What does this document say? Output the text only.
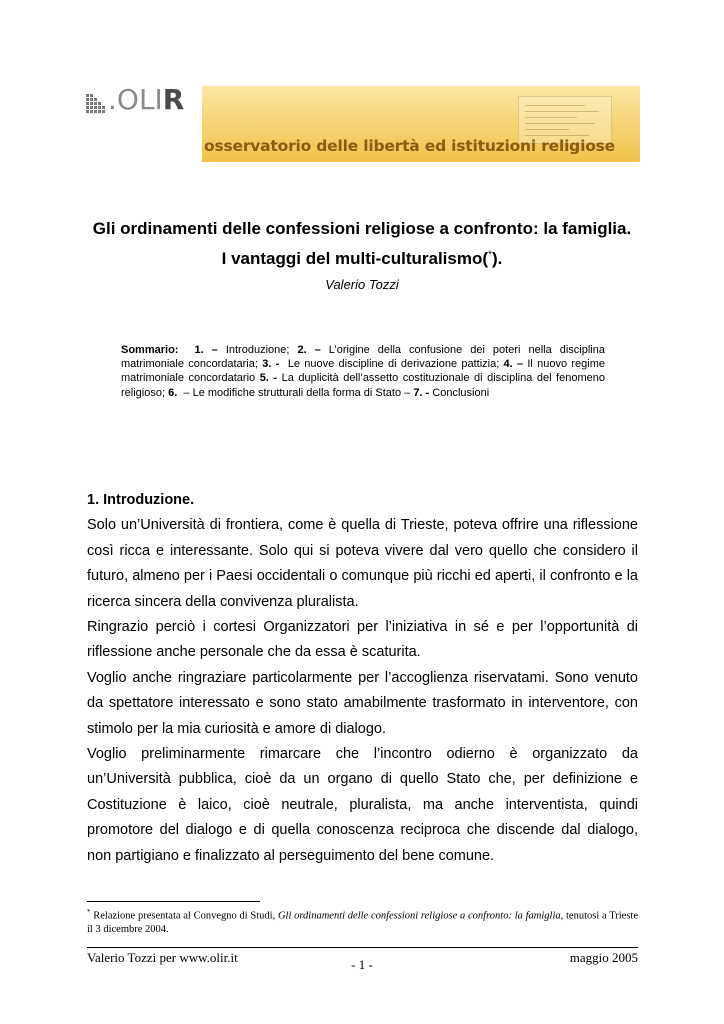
.OLIR
osservatorio delle libertà ed istituzioni religiose
Gli ordinamenti delle confessioni religiose a confronto: la famiglia.
I vantaggi del multi-culturalismo(*).
Valerio Tozzi
Sommario: 1. – Introduzione; 2. – L’origine della confusione dei poteri nella disciplina matrimoniale concordataria; 3. - Le nuove discipline di derivazione pattizia; 4. – Il nuovo regime matrimoniale concordatario 5. - La duplicità dell’assetto costituzionale di disciplina del fenomeno religioso; 6. – Le modifiche strutturali della forma di Stato – 7. - Conclusioni

1. Introduzione.

Solo un’Università di frontiera, come è quella di Trieste, poteva offrire una riflessione così ricca e interessante. Solo qui si poteva vivere dal vero quello che considero il futuro, almeno per i Paesi occidentali o comunque più ricchi ed aperti, il confronto e la ricerca sincera della convivenza pluralista.

Ringrazio perciò i cortesi Organizzatori per l’iniziativa in sé e per l’opportunità di riflessione anche personale che da essa è scaturita.

Voglio anche ringraziare particolarmente per l’accoglienza riservatami. Sono venuto da spettatore interessato e sono stato amabilmente trasformato in interventore, con stimolo per la mia curiosità e amore di dialogo.

Voglio preliminarmente rimarcare che l’incontro odierno è organizzato da un’Università pubblica, cioè da un organo di quello Stato che, per definizione e Costituzione è laico, cioè neutrale, pluralista, ma anche interventista, quindi promotore del dialogo e di quella conoscenza reciproca che discende dal dialogo, non partigiano e finalizzato al perseguimento del bene comune.

* Relazione presentata al Convegno di Studi, Gli ordinamenti delle confessioni religiose a confronto: la famiglia, tenutosi a Trieste il 3 dicembre 2004.
Valerio Tozzi per www.olir.it	- 1 -	maggio 2005
